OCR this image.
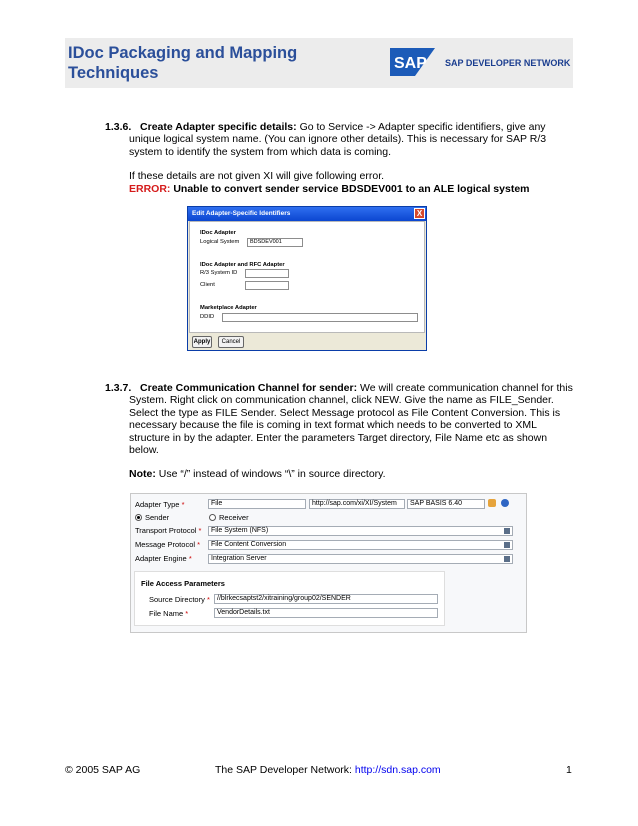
IDoc Packaging and Mapping Techniques
SAP SAP DEVELOPER NETWORK
1.3.6. Create Adapter specific details: Go to Service -> Adapter specific identifiers, give any
unique logical system name. (You can ignore other details). This is necessary for SAP R/3
system to identify the system from which data is coming.
If these details are not given XI will give following error.
ERROR: Unable to convert sender service BDSDEV001 to an ALE logical system
Edit Adapter-Specific Identifiers	X
IDoc Adapter
Logical System	BDSDEV001
IDoc Adapter and RFC Adapter
R/3 System ID
Client
Marketplace Adapter
DDID
Apply	Cancel
1.3.7. Create Communication Channel for sender: We will create communication channel for this
System. Right click on communication channel, click NEW. Give the name as FILE_Sender.
Select the type as FILE Sender. Select Message protocol as File Content Conversion. This is
necessary because the file is coming in text format which needs to be converted to XML
structure in by the adapter. Enter the parameters Target directory, File Name etc as shown
below.
Note: Use “/” instead of windows “\” in source directory.
Adapter Type *	File	http://sap.com/xi/XI/System	SAP BASIS 6.40
Sender	Receiver
Transport Protocol *	File System (NFS)
Message Protocol *	File Content Conversion
Adapter Engine *	Integration Server
File Access Parameters
Source Directory *	//blrkecsaptst2/xitraining/group02/SENDER
File Name *	VendorDetails.txt
© 2005 SAP AG	The SAP Developer Network: http://sdn.sap.com	1
